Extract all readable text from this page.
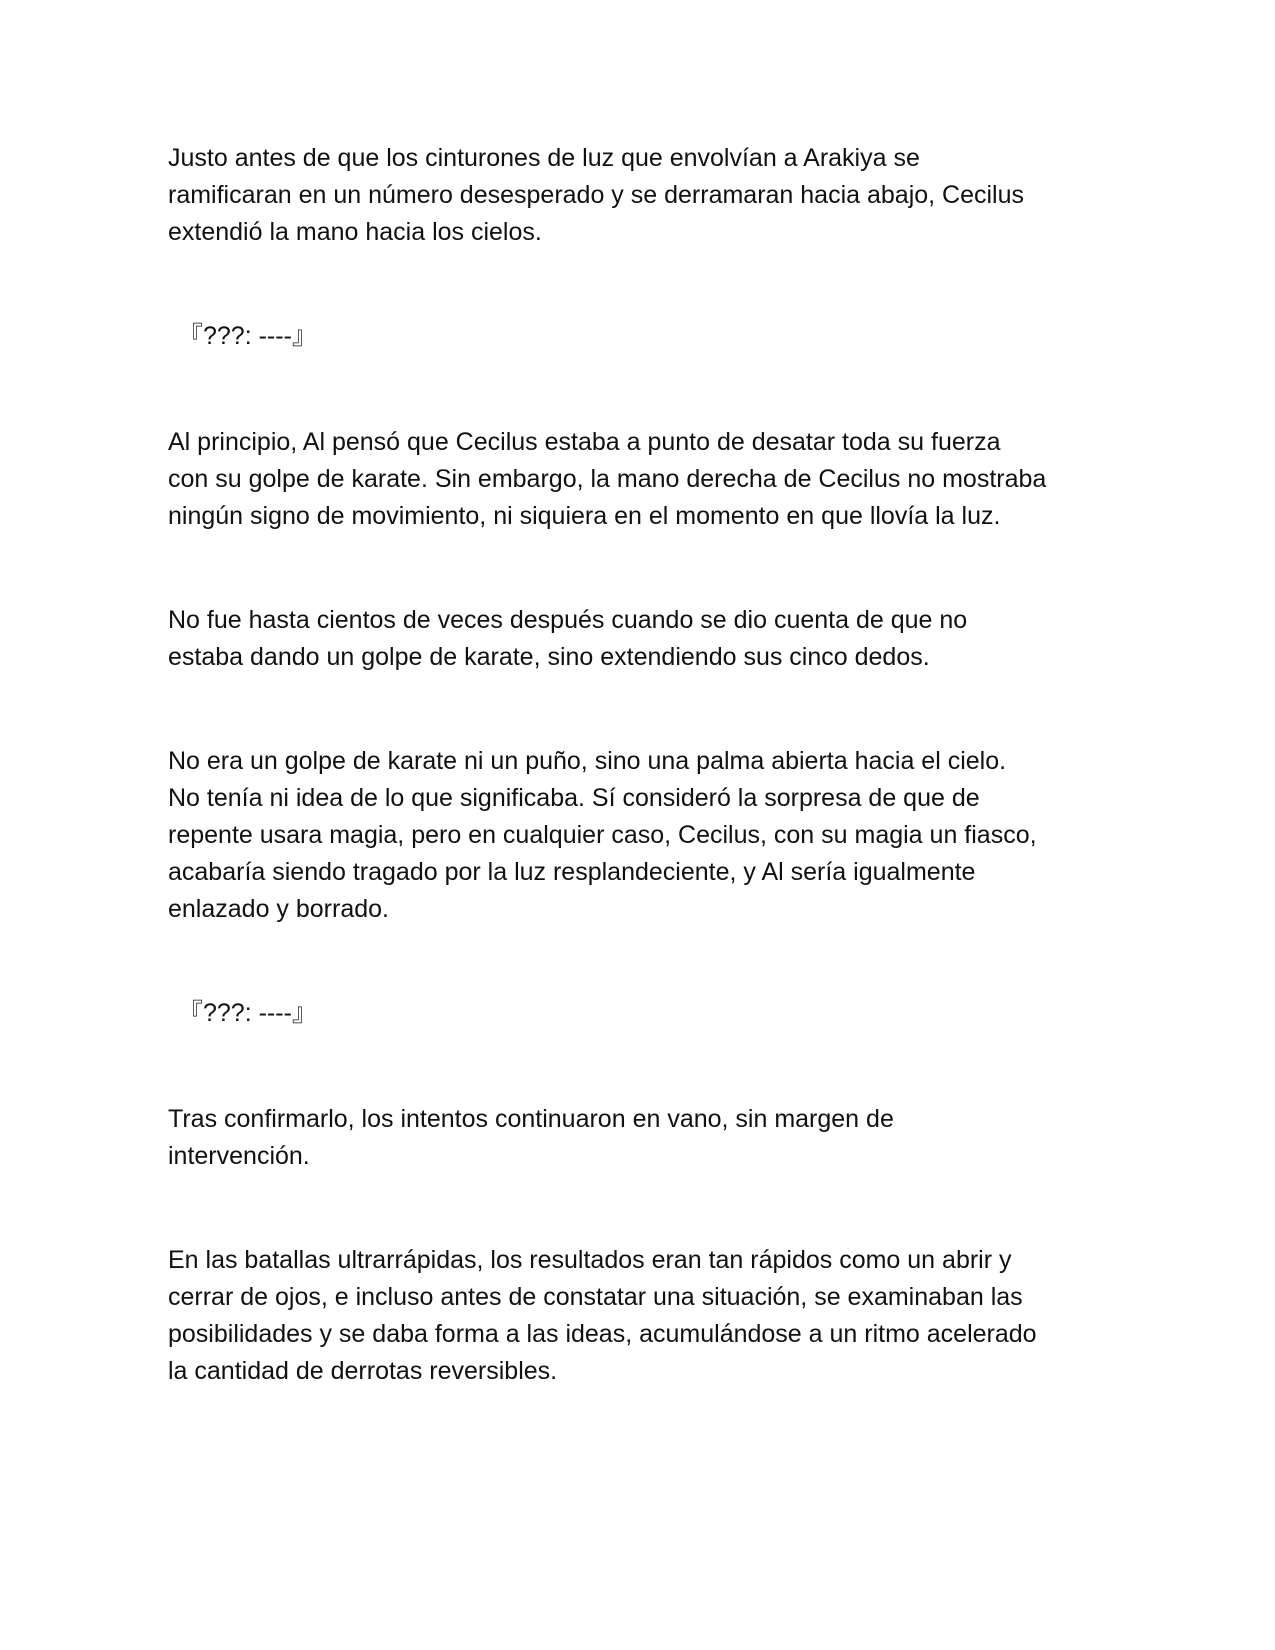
Justo antes de que los cinturones de luz que envolvían a Arakiya se
ramificaran en un número desesperado y se derramaran hacia abajo, Cecilus
extendió la mano hacia los cielos.

『???: ----』

Al principio, Al pensó que Cecilus estaba a punto de desatar toda su fuerza
con su golpe de karate. Sin embargo, la mano derecha de Cecilus no mostraba
ningún signo de movimiento, ni siquiera en el momento en que llovía la luz.

No fue hasta cientos de veces después cuando se dio cuenta de que no
estaba dando un golpe de karate, sino extendiendo sus cinco dedos.

No era un golpe de karate ni un puño, sino una palma abierta hacia el cielo.
No tenía ni idea de lo que significaba. Sí consideró la sorpresa de que de
repente usara magia, pero en cualquier caso, Cecilus, con su magia un fiasco,
acabaría siendo tragado por la luz resplandeciente, y Al sería igualmente
enlazado y borrado.

『???: ----』

Tras confirmarlo, los intentos continuaron en vano, sin margen de
intervención.

En las batallas ultrarrápidas, los resultados eran tan rápidos como un abrir y
cerrar de ojos, e incluso antes de constatar una situación, se examinaban las
posibilidades y se daba forma a las ideas, acumulándose a un ritmo acelerado
la cantidad de derrotas reversibles.
